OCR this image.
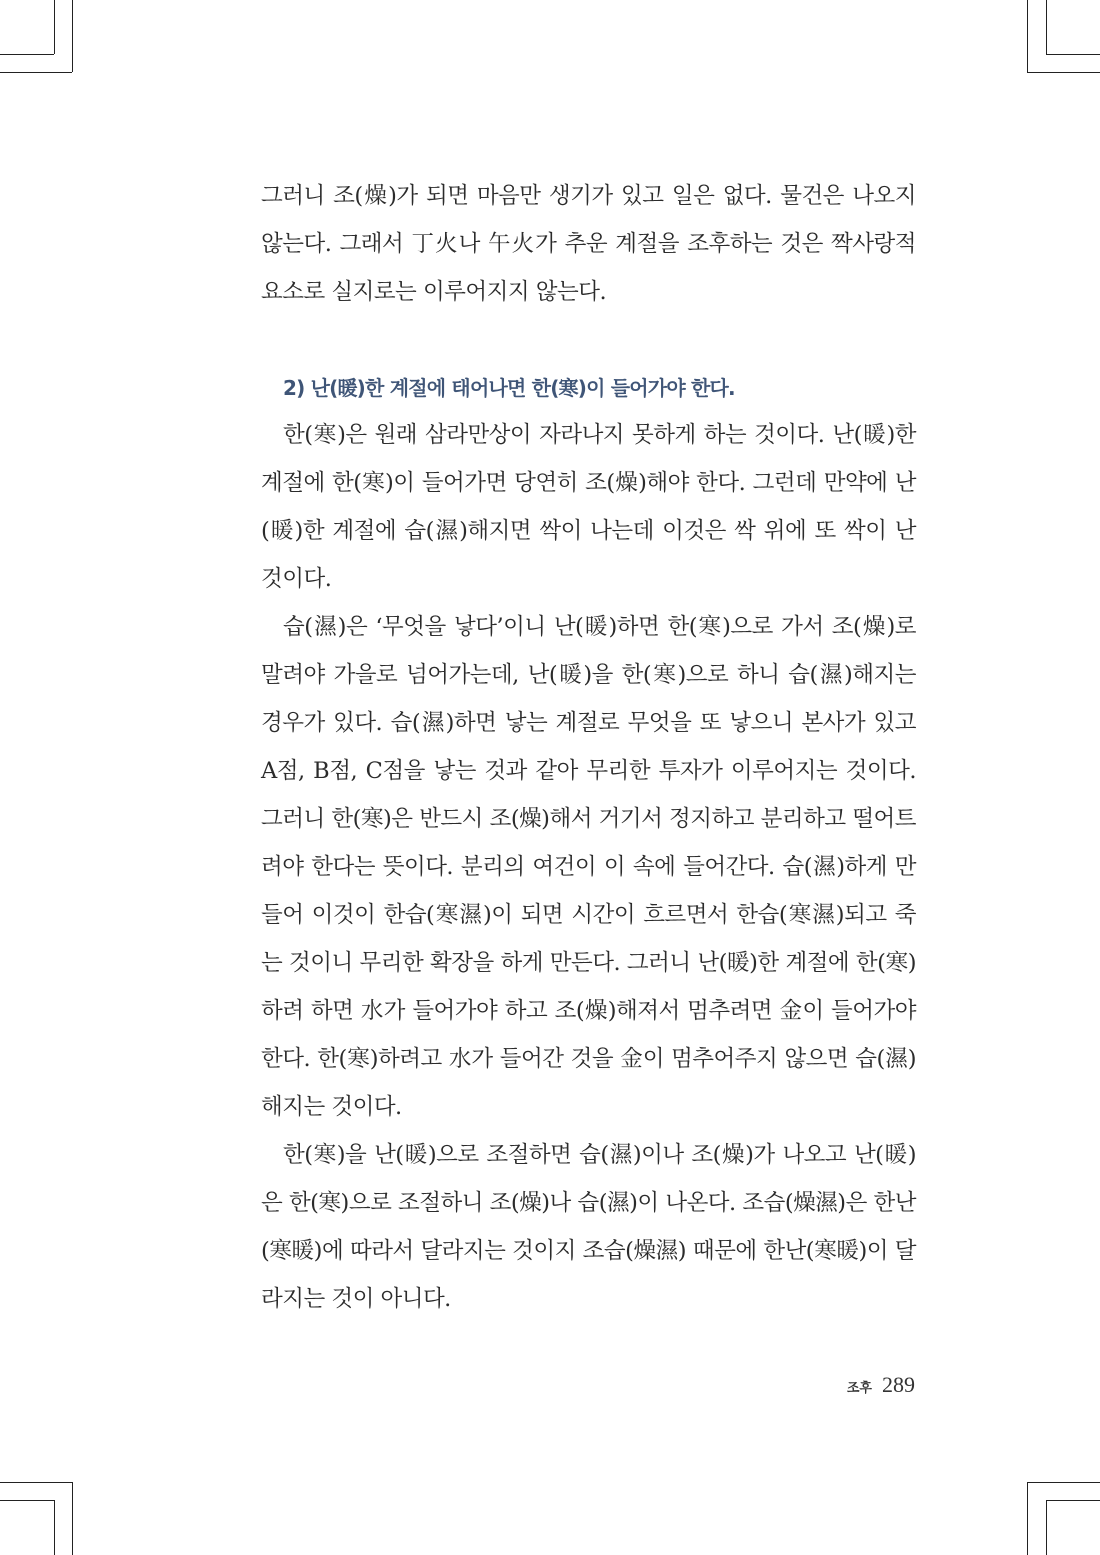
그러니 조(燥)가 되면 마음만 생기가 있고 일은 없다. 물건은 나오지 않는다. 그래서 丁火나 午火가 추운 계절을 조후하는 것은 짝사랑적 요소로 실지로는 이루어지지 않는다.

2) 난(暖)한 계절에 태어나면 한(寒)이 들어가야 한다.

한(寒)은 원래 삼라만상이 자라나지 못하게 하는 것이다. 난(暖)한 계절에 한(寒)이 들어가면 당연히 조(燥)해야 한다. 그런데 만약에 난(暖)한 계절에 습(濕)해지면 싹이 나는데 이것은 싹 위에 또 싹이 난 것이다.

습(濕)은 ‘무엇을 낳다’이니 난(暖)하면 한(寒)으로 가서 조(燥)로 말려야 가을로 넘어가는데, 난(暖)을 한(寒)으로 하니 습(濕)해지는 경우가 있다. 습(濕)하면 낳는 계절로 무엇을 또 낳으니 본사가 있고 A점, B점, C점을 낳는 것과 같아 무리한 투자가 이루어지는 것이다. 그러니 한(寒)은 반드시 조(燥)해서 거기서 정지하고 분리하고 떨어트려야 한다는 뜻이다. 분리의 여건이 이 속에 들어간다. 습(濕)하게 만들어 이것이 한습(寒濕)이 되면 시간이 흐르면서 한습(寒濕)되고 죽는 것이니 무리한 확장을 하게 만든다. 그러니 난(暖)한 계절에 한(寒)하려 하면 水가 들어가야 하고 조(燥)해져서 멈추려면 金이 들어가야 한다. 한(寒)하려고 水가 들어간 것을 金이 멈추어주지 않으면 습(濕)해지는 것이다.

한(寒)을 난(暖)으로 조절하면 습(濕)이나 조(燥)가 나오고 난(暖)은 한(寒)으로 조절하니 조(燥)나 습(濕)이 나온다. 조습(燥濕)은 한난(寒暖)에 따라서 달라지는 것이지 조습(燥濕) 때문에 한난(寒暖)이 달라지는 것이 아니다.

조후 289
